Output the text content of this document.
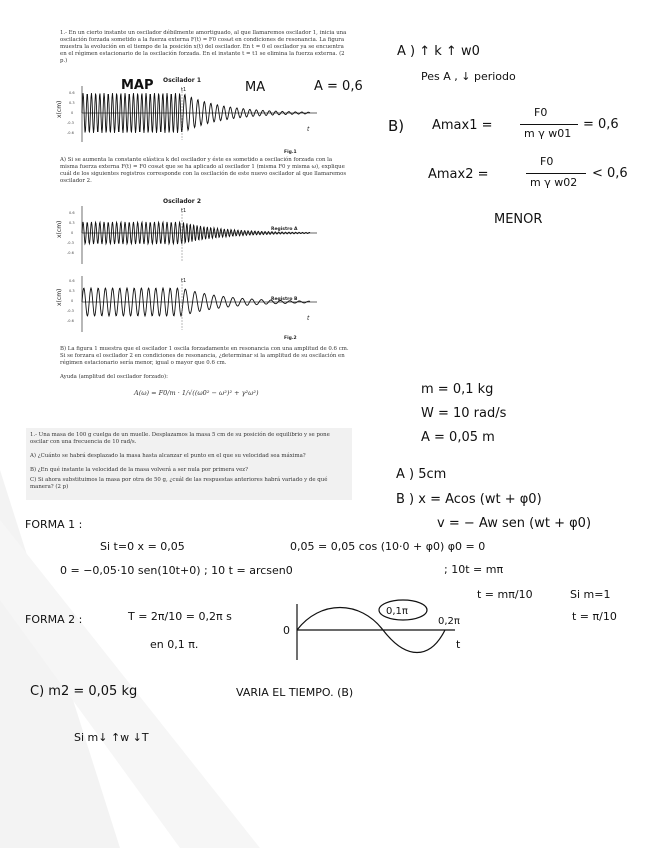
1.- En un cierto instante un oscilador débilmente amortiguado, al que llamaremos oscilador 1, inicia una oscilación forzada sometido a la fuerza externa F(t) = F0 cosωt en condiciones de resonancia. La figura muestra la evolución en el tiempo de la posición x(t) del oscilador. En t = 0 el oscilador ya se encuentra en el régimen estacionario de la oscilación forzada. En el instante t = t1 se elimina la fuerza externa. (2 p.)
Oscilador 1
x(cm)
0.6
0.3
0
-0.3
-0.6
t1
t
Fig.1
A) Si se aumenta la constante elástica k del oscilador y éste es sometido a oscilación forzada con la misma fuerza externa F(t) = F0 cosωt que se ha aplicado al oscilador 1 (misma F0 y misma ω), explique cuál de los siguientes registros corresponde con la oscilación de este nuevo oscilador al que llamaremos oscilador 2.
Oscilador 2
x(cm)
0.6
0.3
0
-0.3
-0.6
t1
Registro A
x(cm)
0.6
0.3
0
-0.3
-0.6
t1
Registro B
t
Fig.2
B) La figura 1 muestra que el oscilador 1 oscila forzadamente en resonancia con una amplitud de 0.6 cm. Si se forzara el oscilador 2 en condiciones de resonancia, ¿determinar si la amplitud de su oscilación en régimen estacionario sería menor, igual o mayor que 0.6 cm.
Ayuda (amplitud del oscilador forzado):
A(ω) = F0/m · 1/√((ω0² − ω²)² + γ²ω²)
1.- Una masa de 100 g cuelga de un muelle. Desplazamos la masa 5 cm de su posición de equilibrio y se pone oscilar con una frecuencia de 10 rad/s.
A) ¿Cuánto se habrá desplazado la masa hasta alcanzar el punto en el que su velocidad sea máxima?
B) ¿En qué instante la velocidad de la masa volverá a ser nula por primera vez?
C) Si ahora substituimos la masa por otra de 50 g, ¿cuál de las respuestas anteriores habrá variado y de qué manera? (2 p)
MAP	MA	A = 0,6
A ) ↑ k ↑ w0
Pes A , ↓ periodo
B) Amax1 =
F0
m γ w01
= 0,6
Amax2 =
F0
m γ w02
< 0,6
MENOR
m = 0,1 kg
W = 10 rad/s
A = 0,05 m
A ) 5cm
B ) x = Acos (wt + φ0)
v = − Aw sen (wt + φ0)
FORMA 1 :
Si t=0 x = 0,05	0,05 = 0,05 cos (10·0 + φ0) φ0 = 0
0 = −0,05·10 sen(10t+0) ; 10 t = arcsen0	; 10t = mπ
t = mπ/10	Si m=1
t = π/10
FORMA 2 :	T = 2π/10 = 0,2π s
en 0,1 π.
0
0,1π
0,2π
t
C) m2 = 0,05 kg	VARIA EL TIEMPO. (B)
Si m↓ ↑w ↓T
